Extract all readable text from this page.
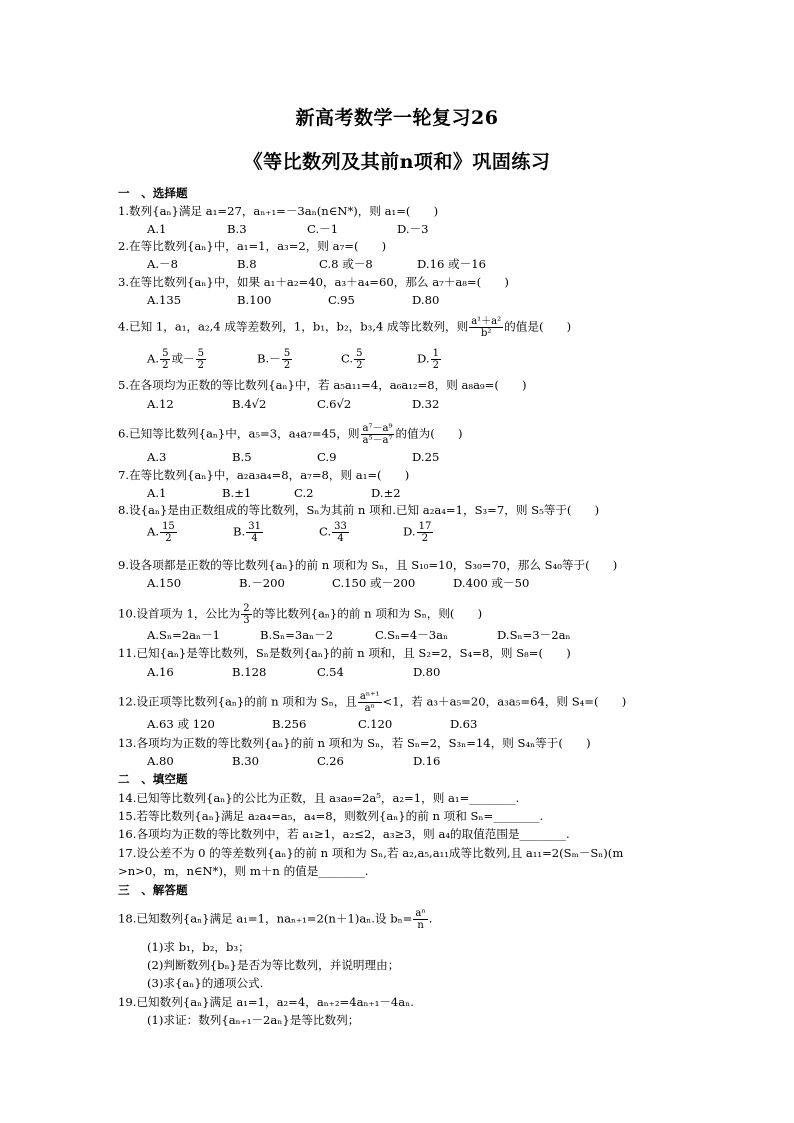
新高考数学一轮复习26
《等比数列及其前n项和》巩固练习
一　、选择题
1.数列{aₙ}满足 a₁=27，aₙ₊₁=－3aₙ(n∈N*)，则 a₁=(　　)
A.1	B.3	C.－1	D.－3
2.在等比数列{aₙ}中，a₁=1，a₃=2，则 a₇=(　　)
A.－8	B.8	C.8 或－8	D.16 或－16
3.在等比数列{aₙ}中，如果 a₁＋a₂=40，a₃＋a₄=60，那么 a₇＋a₈=(　　)
A.135	B.100	C.95	D.80
4.已知 1，a₁，a₂,4 成等差数列，1，b₁，b₂，b₃,4 成等比数列，则 $\frac{\text{a¹＋a²}}{\text{b²}}$ 的值是(　　)
A. $\frac{5}{2}$ 或－ $\frac{5}{2}$	$B.- \frac{5}{2}$	C. $\frac{5}{2}$	D. $\frac{1}{2}$
5.在各项均为正数的等比数列{aₙ}中，若 a₅a₁₁=4，a₆a₁₂=8，则 a₈a₉=(　　)
A.12	B.4√2	C.6√2	D.32
6.已知等比数列{aₙ}中，a₅=3，a₄a₇=45，则 $\frac{\text{a⁷－a⁹}}{\text{a⁵－a⁷}}$ 的值为(　　)
A.3	B.5	C.9	D.25
7.在等比数列{aₙ}中，a₂a₃a₄=8，a₇=8，则 a₁=(　　)
A.1	B.±1	C.2	D.±2
8.设{aₙ}是由正数组成的等比数列，Sₙ为其前 n 项和.已知 a₂a₄=1，S₃=7，则 S₅等于(　　)
A. $\frac{15}{2}$	B. $\frac{31}{4}$	C. $\frac{33}{4}$	D. $\frac{17}{2}$
9.设各项都是正数的等比数列{aₙ}的前 n 项和为 Sₙ，且 S₁₀=10，S₃₀=70，那么 S₄₀等于(　　)
A.150	B.－200	C.150 或－200	D.400 或－50
10.设首项为 1，公比为 $\frac{2}{3}$ 的等比数列{aₙ}的前 n 项和为 Sₙ，则(　　)
A.Sₙ=2aₙ－1	B.Sₙ=3aₙ－2	C.Sₙ=4－3aₙ	D.Sₙ=3－2aₙ
11.已知{aₙ}是等比数列，Sₙ是数列{aₙ}的前 n 项和，且 S₂=2，S₄=8，则 S₈=(　　)
A.16	B.128	C.54	D.80
12.设正项等比数列{aₙ}的前 n 项和为 Sₙ，且 $\frac{\text{aⁿ⁺¹}}{\text{aⁿ}} <1$，若 a₃＋a₅=20，a₃a₅=64，则 S₄=(　　)
A.63 或 120	B.256	C.120	D.63
13.各项均为正数的等比数列{aₙ}的前 n 项和为 Sₙ，若 Sₙ=2，S₃ₙ=14，则 S₄ₙ等于(　　)
A.80	B.30	C.26	D.16
二　、填空题
14.已知等比数列{aₙ}的公比为正数，且 a₃a₉=2a⁵，a₂=1，则 a₁=________.
15.若等比数列{aₙ}满足 a₂a₄=a₅，a₄=8，则数列{aₙ}的前 n 项和 Sₙ=________.
16.各项均为正数的等比数列中，若 a₁≥1，a₂≤2，a₃≥3，则 a₄的取值范围是________.
17.设公差不为 0 的等差数列{aₙ}的前 n 项和为 Sₙ,若 a₂,a₅,a₁₁成等比数列,且 a₁₁=2(Sₘ－Sₙ)(m
>n>0，m，n∈N*)，则 m＋n 的值是________.
三　、解答题
18.已知数列{aₙ}满足 a₁=1，naₙ₊₁=2(n＋1)aₙ.设 $b_n= \frac{\text{aⁿ}}{n}$ .
(1)求 b₁，b₂，b₃；
(2)判断数列{bₙ}是否为等比数列，并说明理由；
(3)求{aₙ}的通项公式.
19.已知数列{aₙ}满足 a₁=1，a₂=4，aₙ₊₂=4aₙ₊₁－4aₙ.
(1)求证：数列{aₙ₊₁－2aₙ}是等比数列；
